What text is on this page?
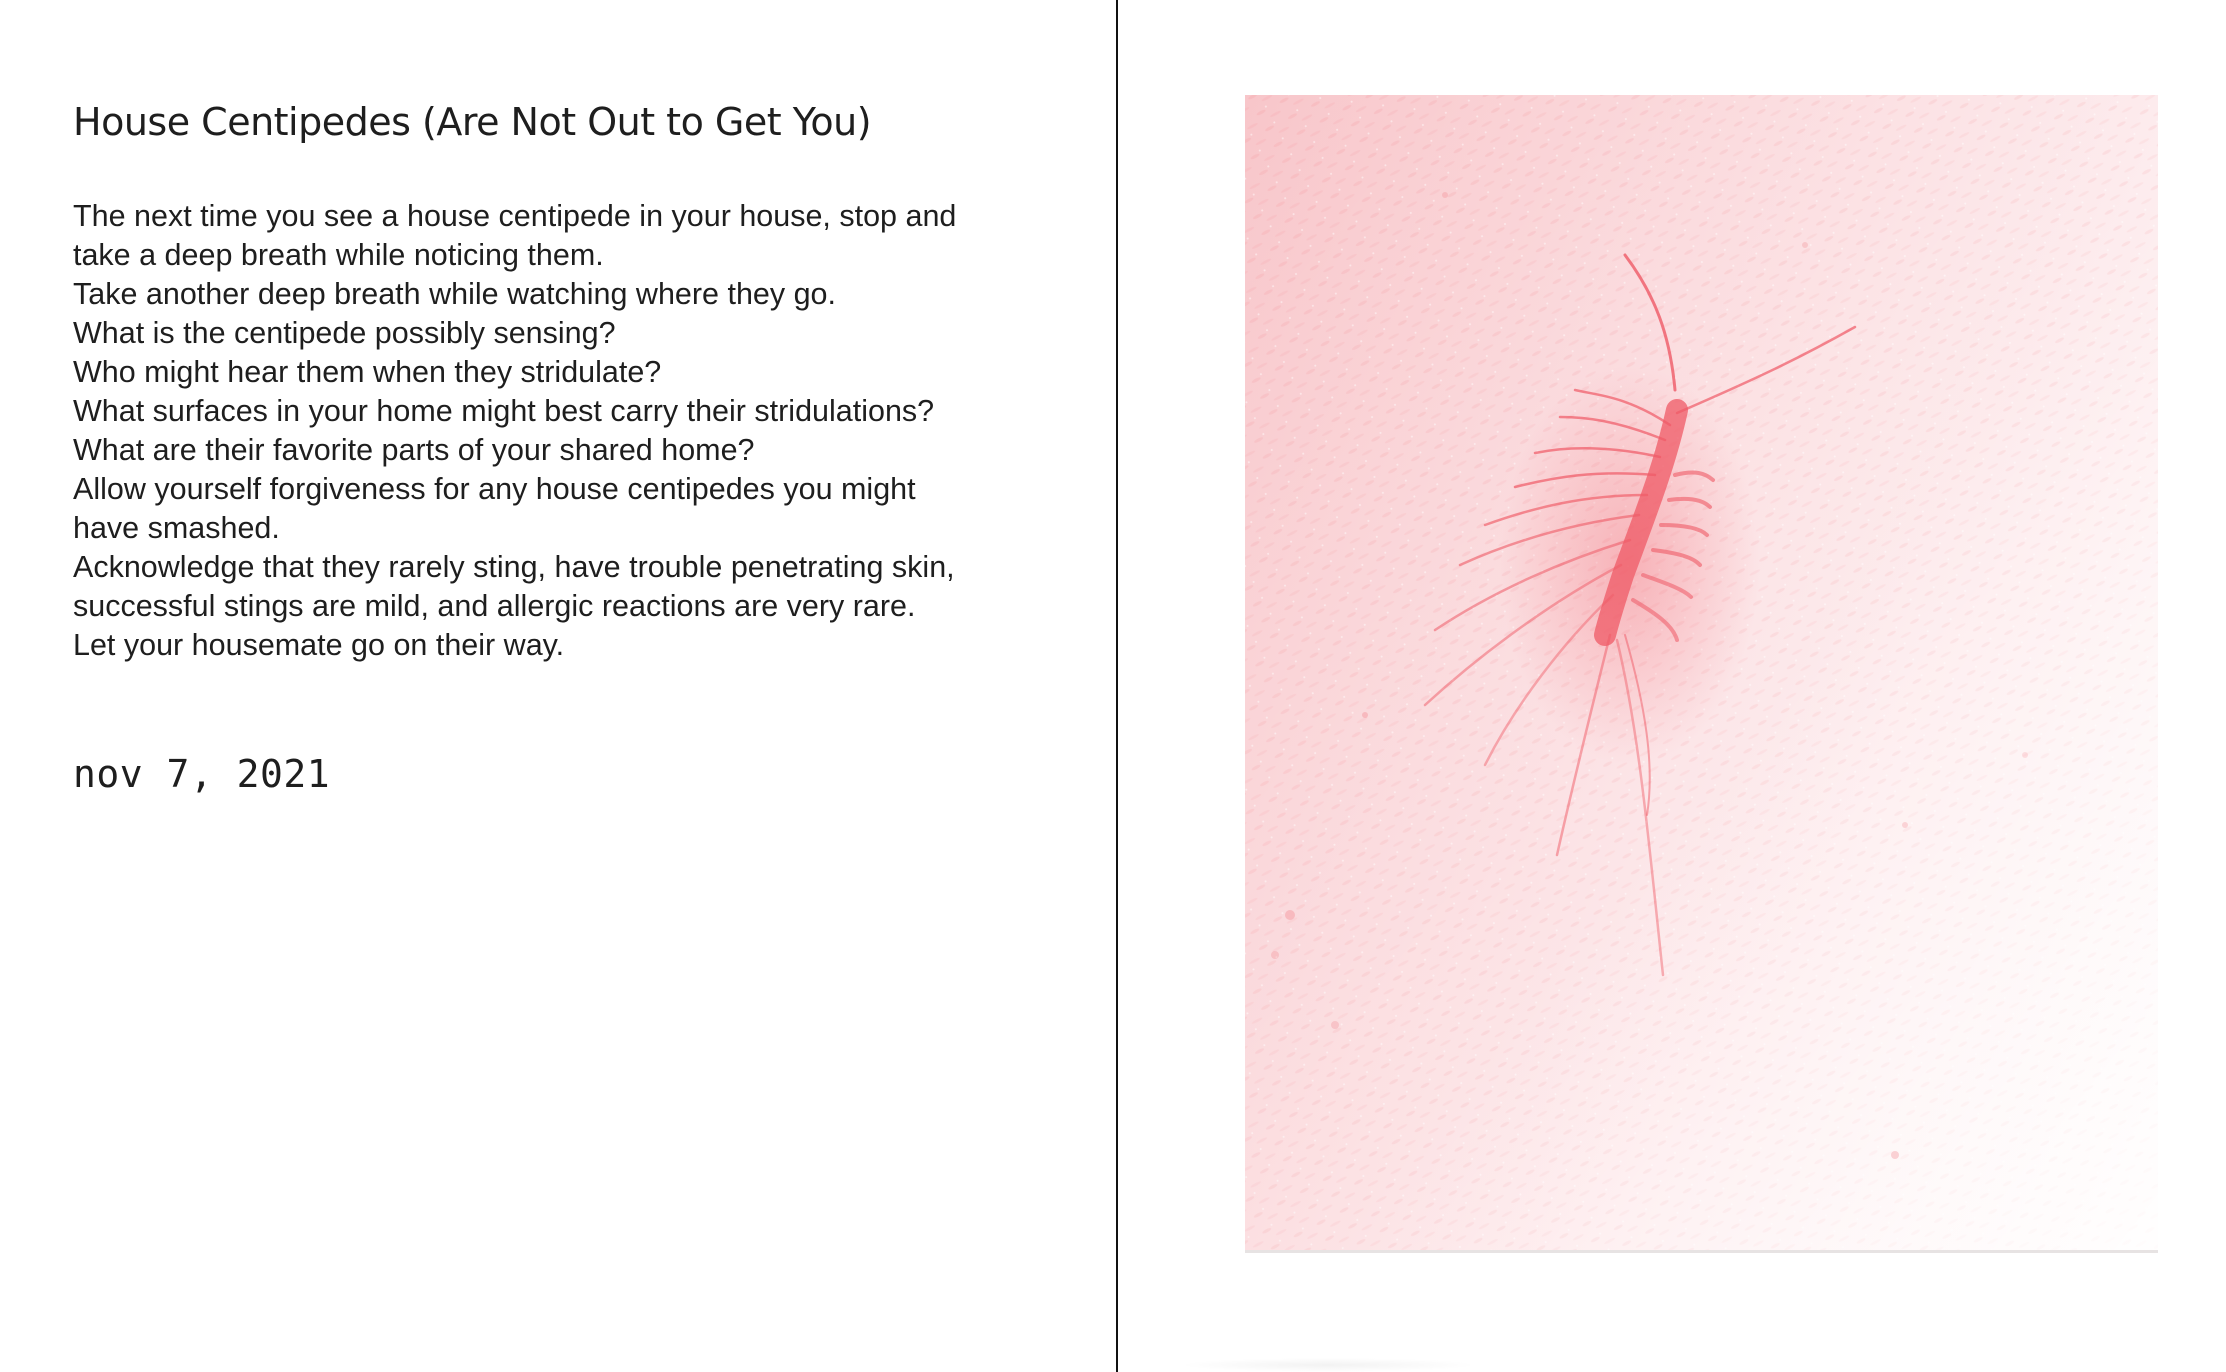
House Centipedes (Are Not Out to Get You)
The next time you see a house centipede in your house, stop and
take a deep breath while noticing them.
Take another deep breath while watching where they go.
What is the centipede possibly sensing?
Who might hear them when they stridulate?
What surfaces in your home might best carry their stridulations?
What are their favorite parts of your shared home?
Allow yourself forgiveness for any house centipedes you might
have smashed.
Acknowledge that they rarely sting, have trouble penetrating skin,
successful stings are mild, and allergic reactions are very rare.
Let your housemate go on their way.
nov 7, 2021
